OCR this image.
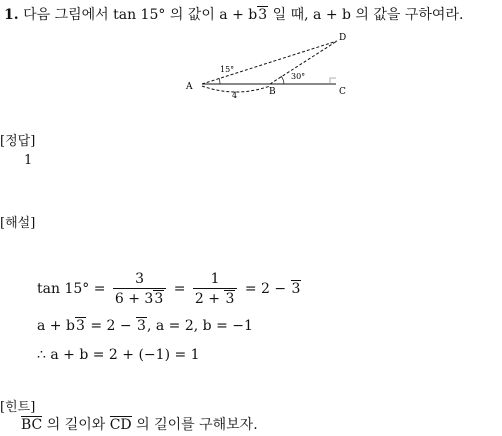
1. 다음 그림에서 tan 15° 의 값이 a + b3 일 때, a + b 의 값을 구하여라.
A	B	C
D
15°
30°
4
[정답]
1
[해설]
$\tan 15^\circ = \frac{3}{6 + 33} = \frac{1}{2 + 3} = 2 - 3$
a + b3 = 2 − 3, a = 2, b = −1
∴ a + b = 2 + (−1) = 1
[힌트]
BC 의 길이와 CD 의 길이를 구해보자.
